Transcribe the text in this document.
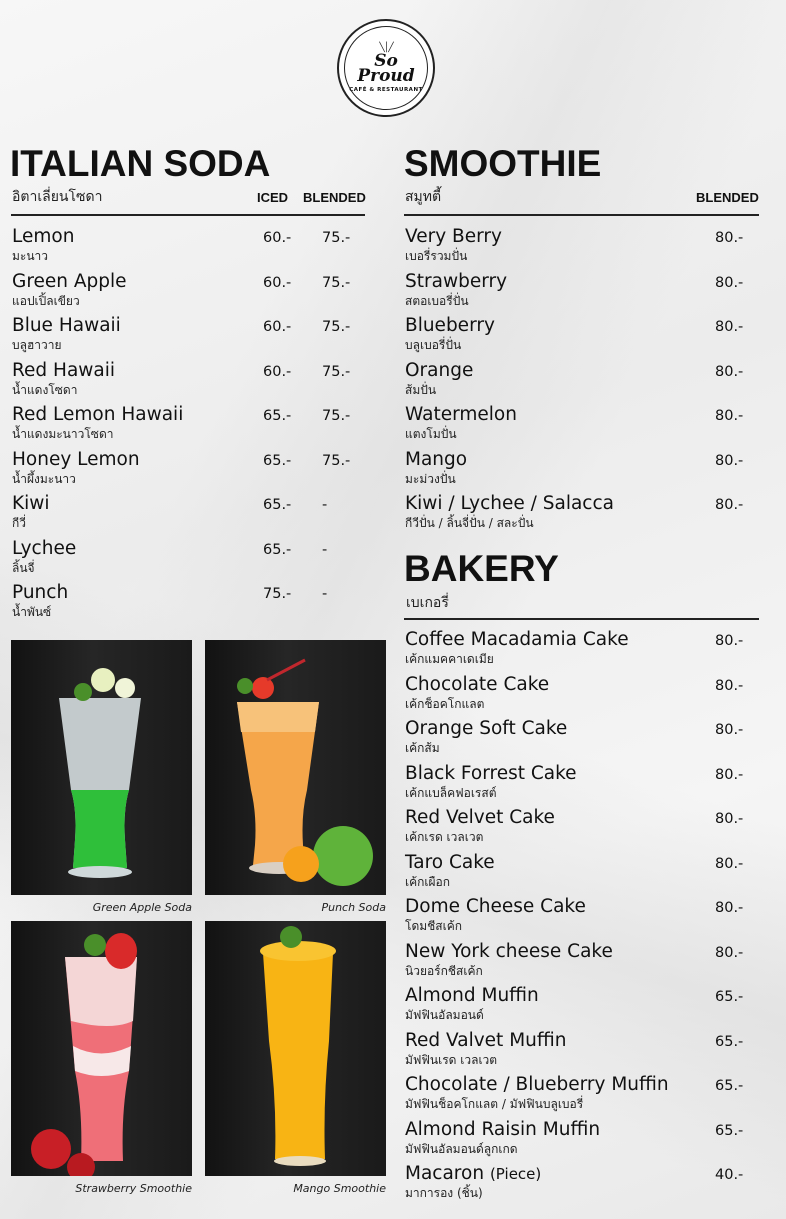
╲│╱
So
Proud
CAFÉ & RESTAURANT
ITALIAN SODA
อิตาเลี่ยนโซดา	ICED BLENDED
Lemon
มะนาว
60.- 75.-
Green Apple
แอปเปิ้ลเขียว
60.- 75.-
Blue Hawaii
บลูฮาวาย
60.- 75.-
Red Hawaii
น้ำแดงโซดา
60.- 75.-
Red Lemon Hawaii
น้ำแดงมะนาวโซดา
65.- 75.-
Honey Lemon
น้ำผึ้งมะนาว
65.- 75.-
Kiwi
กีวี่
65.- -
Lychee
ลิ้นจี่
65.- -
Punch
น้ำพันซ์
75.- -
SMOOTHIE
สมูทตี้	BLENDED
Very Berry
เบอรี่รวมปั่น
80.-
Strawberry
สตอเบอรี่ปั่น
80.-
Blueberry
บลูเบอรี่ปั่น
80.-
Orange
ส้มปั่น
80.-
Watermelon
แตงโมปั่น
80.-
Mango
มะม่วงปั่น
80.-
Kiwi / Lychee / Salacca
กีวีปั่น / ลิ้นจี่ปั่น / สละปั่น
80.-
BAKERY
เบเกอรี่
Coffee Macadamia Cake
เค้กแมคคาเดเมีย
80.-
Chocolate Cake
เค้กช็อคโกแลต
80.-
Orange Soft Cake
เค้กส้ม
80.-
Black Forrest Cake
เค้กแบล็คฟอเรสต์
80.-
Red Velvet Cake
เค้กเรด เวลเวต
80.-
Taro Cake
เค้กเผือก
80.-
Dome Cheese Cake
โดมชีสเค้ก
80.-
New York cheese Cake
นิวยอร์กชีสเค้ก
80.-
Almond Muffin
มัฟฟินอัลมอนด์
65.-
Red Valvet Muffin
มัฟฟินเรด เวลเวต
65.-
Chocolate / Blueberry Muffin
มัฟฟินช็อคโกแลต / มัฟฟินบลูเบอรี่
65.-
Almond Raisin Muffin
มัฟฟินอัลมอนด์ลูกเกด
65.-
Macaron (Piece)
มาการอง (ชิ้น)
40.-
Green Apple Soda	Punch Soda
Strawberry Smoothie	Mango Smoothie
